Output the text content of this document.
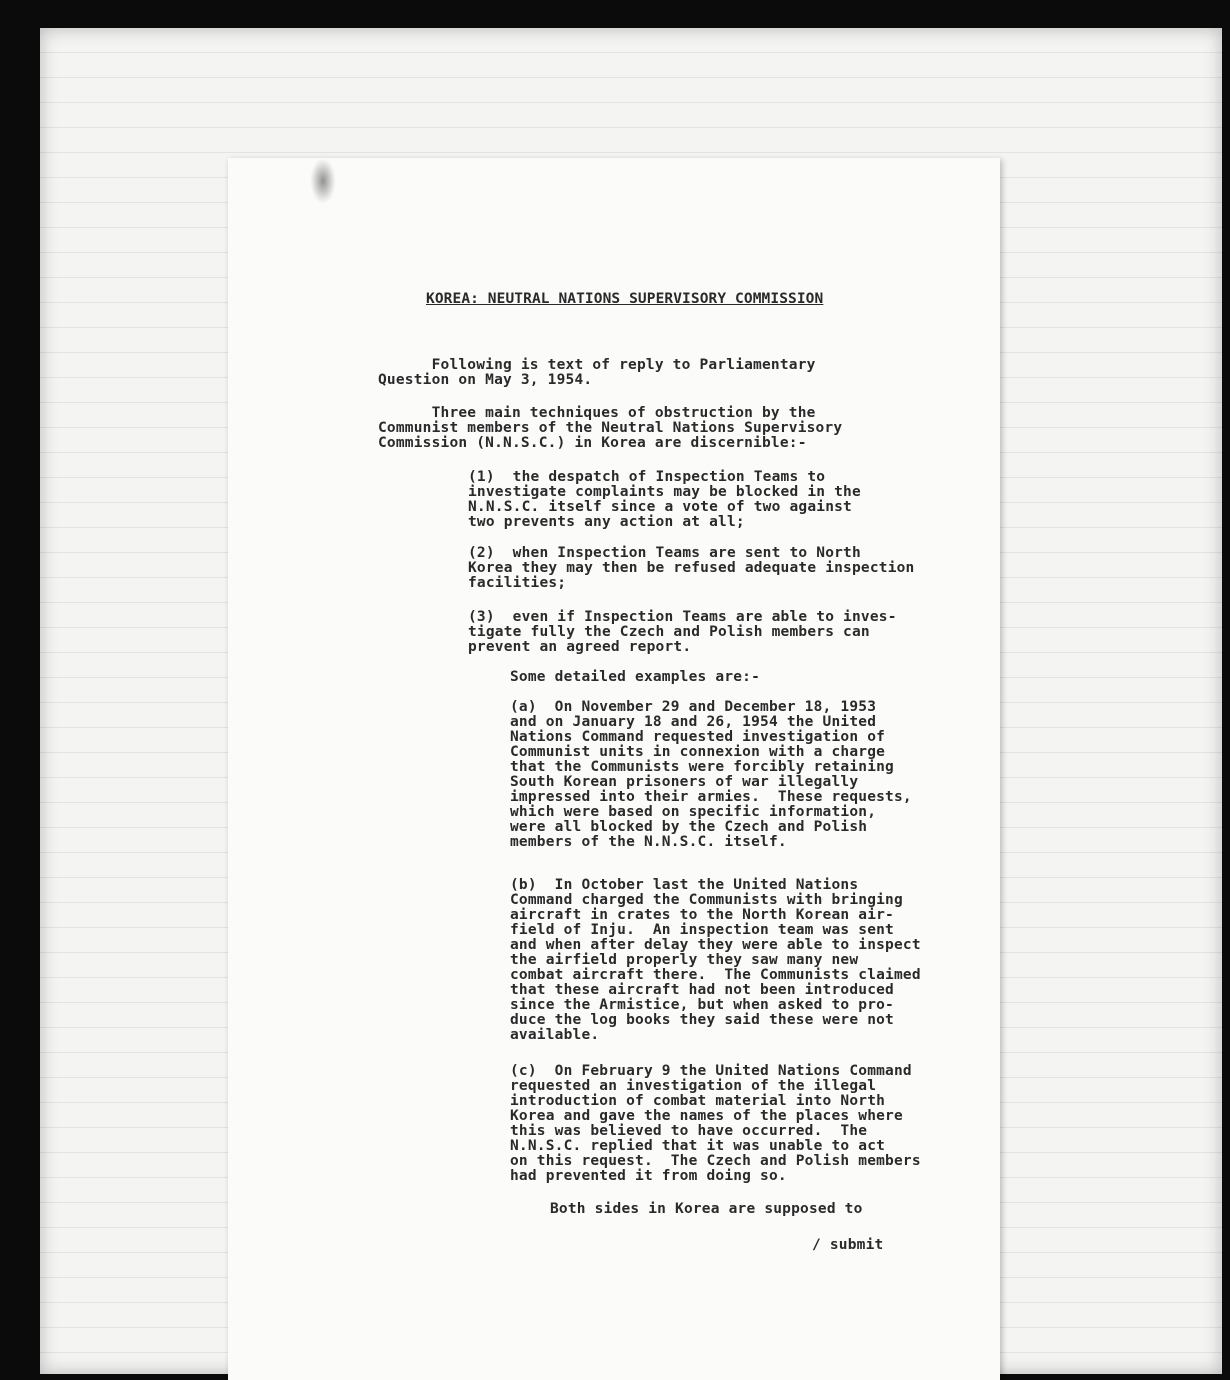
KOREA: NEUTRAL NATIONS SUPERVISORY COMMISSION
Following is text of reply to Parliamentary
Question on May 3, 1954.
Three main techniques of obstruction by the
Communist members of the Neutral Nations Supervisory
Commission (N.N.S.C.) in Korea are discernible:-
(1)  the despatch of Inspection Teams to
investigate complaints may be blocked in the
N.N.S.C. itself since a vote of two against
two prevents any action at all;
(2)  when Inspection Teams are sent to North
Korea they may then be refused adequate inspection
facilities;
(3)  even if Inspection Teams are able to inves-
tigate fully the Czech and Polish members can
prevent an agreed report.
Some detailed examples are:-
(a)  On November 29 and December 18, 1953
and on January 18 and 26, 1954 the United
Nations Command requested investigation of
Communist units in connexion with a charge
that the Communists were forcibly retaining
South Korean prisoners of war illegally
impressed into their armies.  These requests,
which were based on specific information,
were all blocked by the Czech and Polish
members of the N.N.S.C. itself.
(b)  In October last the United Nations
Command charged the Communists with bringing
aircraft in crates to the North Korean air-
field of Inju.  An inspection team was sent
and when after delay they were able to inspect
the airfield properly they saw many new
combat aircraft there.  The Communists claimed
that these aircraft had not been introduced
since the Armistice, but when asked to pro-
duce the log books they said these were not
available.
(c)  On February 9 the United Nations Command
requested an investigation of the illegal
introduction of combat material into North
Korea and gave the names of the places where
this was believed to have occurred.  The
N.N.S.C. replied that it was unable to act
on this request.  The Czech and Polish members
had prevented it from doing so.
Both sides in Korea are supposed to
/ submit
